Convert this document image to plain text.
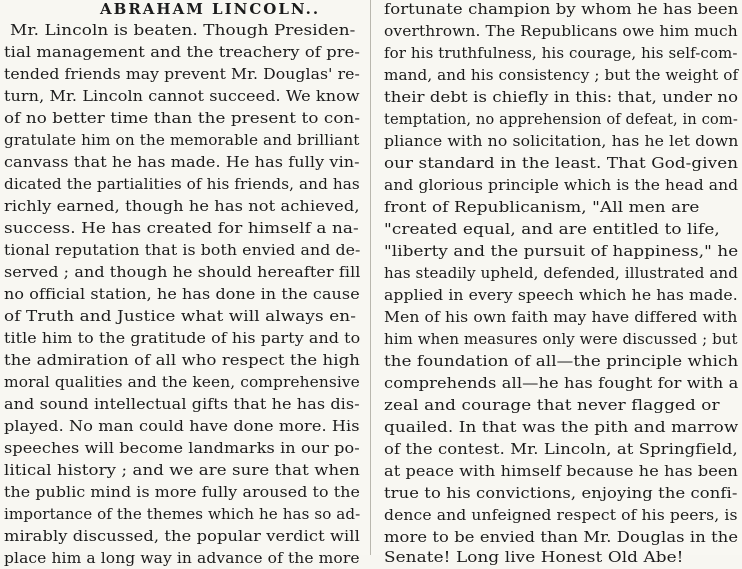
ABRAHAM LINCOLN..
Mr. Lincoln is beaten. Though Presiden-
tial management and the treachery of pre-
tended friends may prevent Mr. Douglas' re-
turn, Mr. Lincoln cannot succeed. We know
of no better time than the present to con-
gratulate him on the memorable and brilliant
canvass that he has made. He has fully vin-
dicated the partialities of his friends, and has
richly earned, though he has not achieved,
success. He has created for himself a na-
tional reputation that is both envied and de-
served ; and though he should hereafter fill
no official station, he has done in the cause
of Truth and Justice what will always en-
title him to the gratitude of his party and to
the admiration of all who respect the high
moral qualities and the keen, comprehensive
and sound intellectual gifts that he has dis-
played. No man could have done more. His
speeches will become landmarks in our po-
litical history ; and we are sure that when
the public mind is more fully aroused to the
importance of the themes which he has so ad-
mirably discussed, the popular verdict will
place him a long way in advance of the more
fortunate champion by whom he has been
overthrown. The Republicans owe him much
for his truthfulness, his courage, his self-com-
mand, and his consistency ; but the weight of
their debt is chiefly in this: that, under no
temptation, no apprehension of defeat, in com-
pliance with no solicitation, has he let down
our standard in the least. That God-given
and glorious principle which is the head and
front of Republicanism, "All men are
"created equal, and are entitled to life,
"liberty and the pursuit of happiness," he
has steadily upheld, defended, illustrated and
applied in every speech which he has made.
Men of his own faith may have differed with
him when measures only were discussed ; but
the foundation of all—the principle which
comprehends all—he has fought for with a
zeal and courage that never flagged or
quailed. In that was the pith and marrow
of the contest. Mr. Lincoln, at Springfield,
at peace with himself because he has been
true to his convictions, enjoying the confi-
dence and unfeigned respect of his peers, is
more to be envied than Mr. Douglas in the
Senate! Long live Honest Old Abe!
